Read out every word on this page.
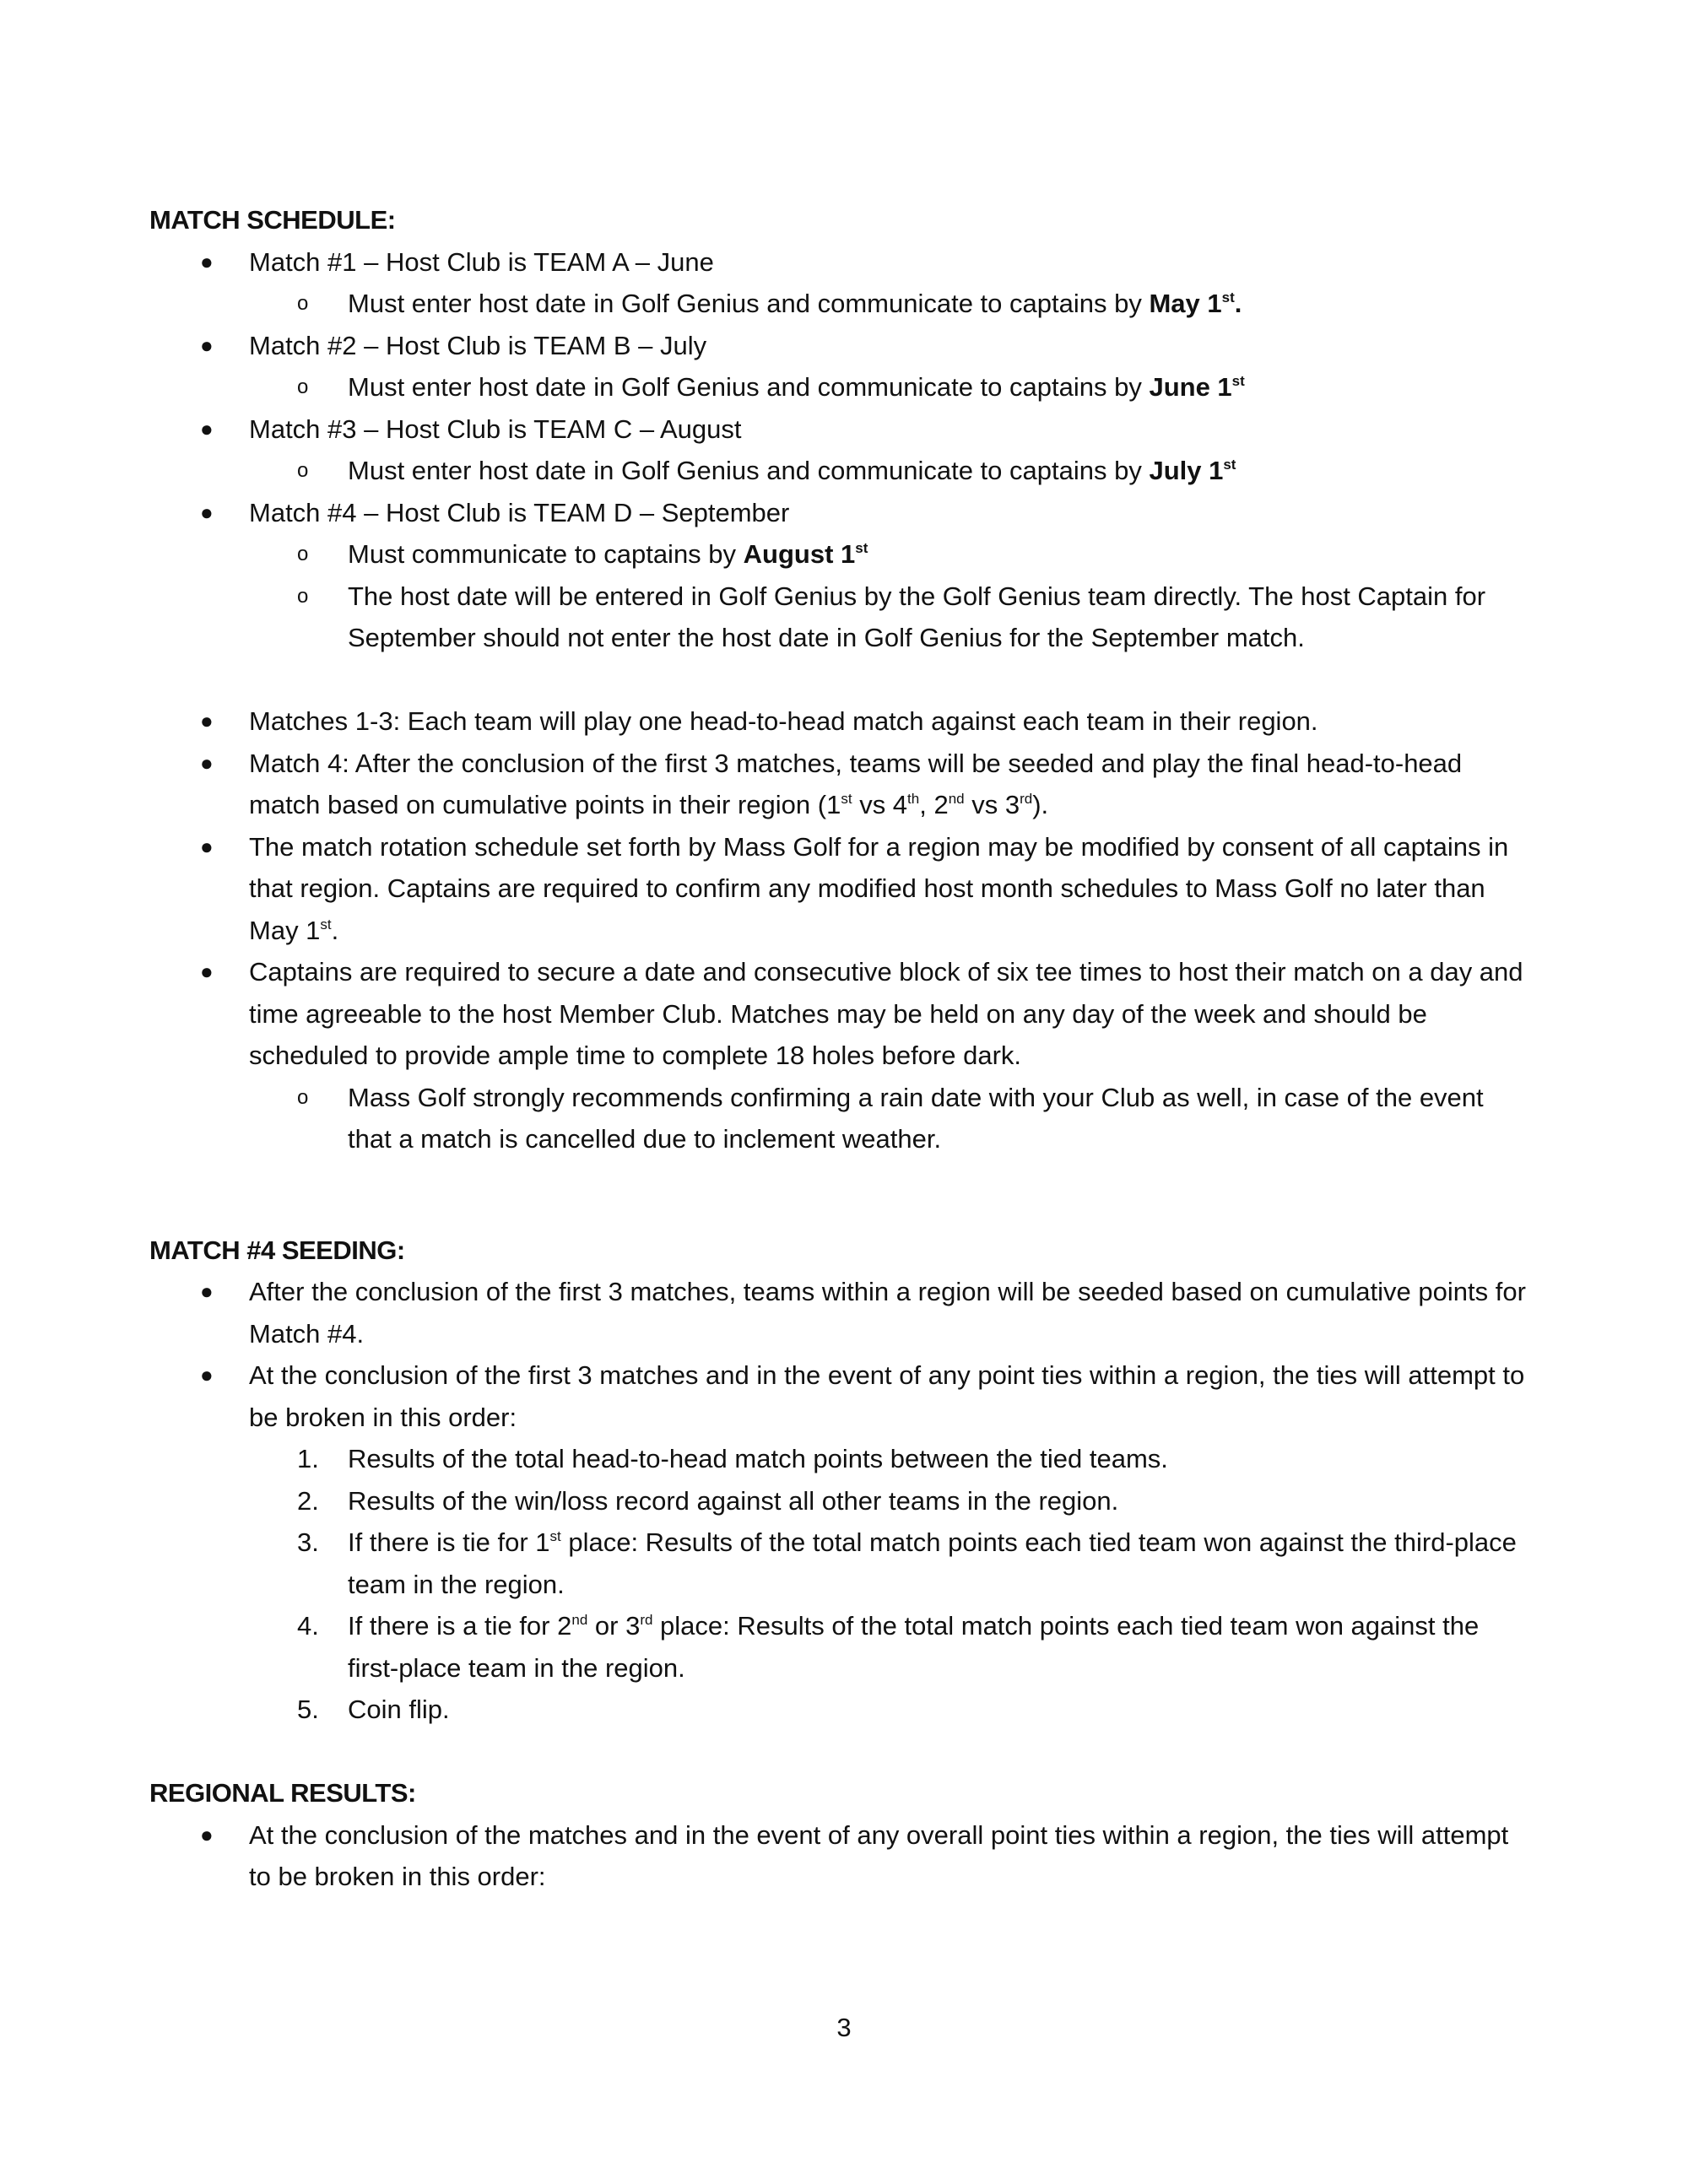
MATCH SCHEDULE:
● Match #1 – Host Club is TEAM A – June
o Must enter host date in Golf Genius and communicate to captains by May 1st.
● Match #2 – Host Club is TEAM B – July
o Must enter host date in Golf Genius and communicate to captains by June 1st
● Match #3 – Host Club is TEAM C – August
o Must enter host date in Golf Genius and communicate to captains by July 1st
● Match #4 – Host Club is TEAM D – September
o Must communicate to captains by August 1st
o The host date will be entered in Golf Genius by the Golf Genius team directly. The host Captain for September should not enter the host date in Golf Genius for the September match.
● Matches 1-3: Each team will play one head-to-head match against each team in their region.
● Match 4: After the conclusion of the first 3 matches, teams will be seeded and play the final head-to-head match based on cumulative points in their region (1st vs 4th, 2nd vs 3rd).
● The match rotation schedule set forth by Mass Golf for a region may be modified by consent of all captains in that region. Captains are required to confirm any modified host month schedules to Mass Golf no later than May 1st.
● Captains are required to secure a date and consecutive block of six tee times to host their match on a day and time agreeable to the host Member Club. Matches may be held on any day of the week and should be scheduled to provide ample time to complete 18 holes before dark.
o Mass Golf strongly recommends confirming a rain date with your Club as well, in case of the event that a match is cancelled due to inclement weather.
MATCH #4 SEEDING:
● After the conclusion of the first 3 matches, teams within a region will be seeded based on cumulative points for Match #4.
● At the conclusion of the first 3 matches and in the event of any point ties within a region, the ties will attempt to be broken in this order:
1. Results of the total head-to-head match points between the tied teams.
2. Results of the win/loss record against all other teams in the region.
3. If there is tie for 1st place: Results of the total match points each tied team won against the third-place team in the region.
4. If there is a tie for 2nd or 3rd place: Results of the total match points each tied team won against the first-place team in the region.
5. Coin flip.
REGIONAL RESULTS:
● At the conclusion of the matches and in the event of any overall point ties within a region, the ties will attempt to be broken in this order:
3
